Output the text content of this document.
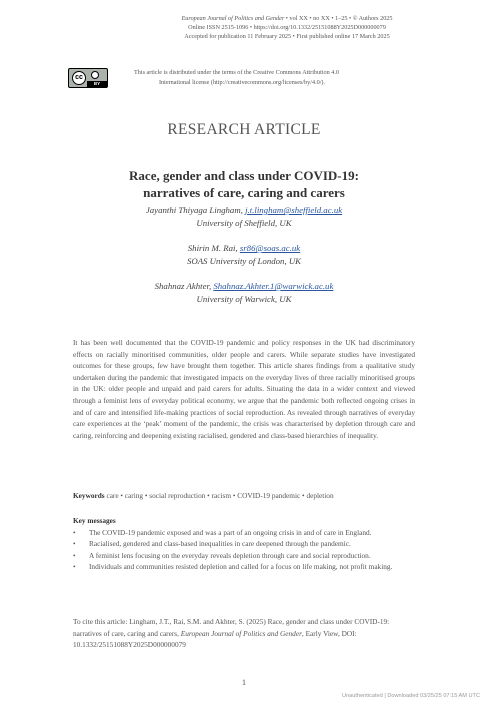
European Journal of Politics and Gender • vol XX • no XX • 1–25 • © Authors 2025
Online ISSN 2515-1096 • https://doi.org/10.1332/25151088Y2025D000000079
Accepted for publication 11 February 2025 • First published online 17 March 2025
cc
BY
This article is distributed under the terms of the Creative Commons Attribution 4.0
International license (http://creativecommons.org/licenses/by/4.0/).
RESEARCH ARTICLE
Race, gender and class under COVID-19:
narratives of care, caring and carers
Jayanthi Thiyaga Lingham, j.t.lingham@sheffield.ac.uk
University of Sheffield, UK
Shirin M. Rai, sr86@soas.ac.uk
SOAS University of London, UK
Shahnaz Akhter, Shahnaz.Akhter.1@warwick.ac.uk
University of Warwick, UK
It has been well documented that the COVID-19 pandemic and policy responses in the UK had discriminatory effects on racially minoritised communities, older people and carers. While separate studies have investigated outcomes for these groups, few have brought them together. This article shares findings from a qualitative study undertaken during the pandemic that investigated impacts on the everyday lives of three racially minoritised groups in the UK: older people and unpaid and paid carers for adults. Situating the data in a wider context and viewed through a feminist lens of everyday political economy, we argue that the pandemic both reflected ongoing crises in and of care and intensified life-making practices of social reproduction. As revealed through narratives of everyday care experiences at the ‘peak’ moment of the pandemic, the crisis was characterised by depletion through care and caring, reinforcing and deepening existing racialised, gendered and class-based hierarchies of inequality.
Keywords care • caring • social reproduction • racism • COVID-19 pandemic • depletion
Key messages
• The COVID-19 pandemic exposed and was a part of an ongoing crisis in and of care in England.
• Racialised, gendered and class-based inequalities in care deepened through the pandemic.
• A feminist lens focusing on the everyday reveals depletion through care and social reproduction.
• Individuals and communities resisted depletion and called for a focus on life making, not profit making.
To cite this article: Lingham, J.T., Rai, S.M. and Akhter, S. (2025) Race, gender and class under COVID-19: narratives of care, caring and carers, European Journal of Politics and Gender, Early View, DOI: 10.1332/25151088Y2025D000000079
1
Unauthenticated | Downloaded 03/25/25 07:15 AM UTC
